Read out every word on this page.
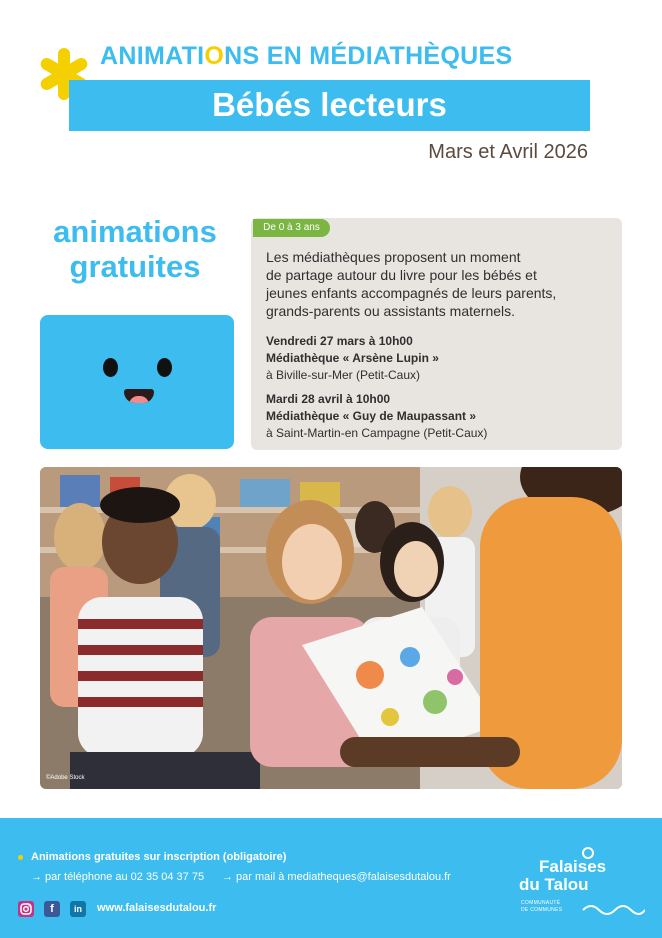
ANIMATIONS EN MÉDIATHÈQUES
Bébés lecteurs
Mars et Avril 2026
animations
gratuites
De 0 à 3 ans
Les médiathèques proposent un moment
de partage autour du livre pour les bébés et
jeunes enfants accompagnés de leurs parents,
grands-parents ou assistants maternels.
Vendredi 27 mars à 10h00
Médiathèque « Arsène Lupin »
à Biville-sur-Mer (Petit-Caux)
Mardi 28 avril à 10h00
Médiathèque « Guy de Maupassant »
à Saint-Martin-en Campagne (Petit-Caux)
©Adobe Stock
Animations gratuites sur inscription (obligatoire)
→ par téléphone au 02 35 04 37 75 → par mail à mediatheques@falaisesdutalou.fr
f	in	www.falaisesdutalou.fr
Falaises
du Talou
COMMUNAUTÉ
DE COMMUNES
